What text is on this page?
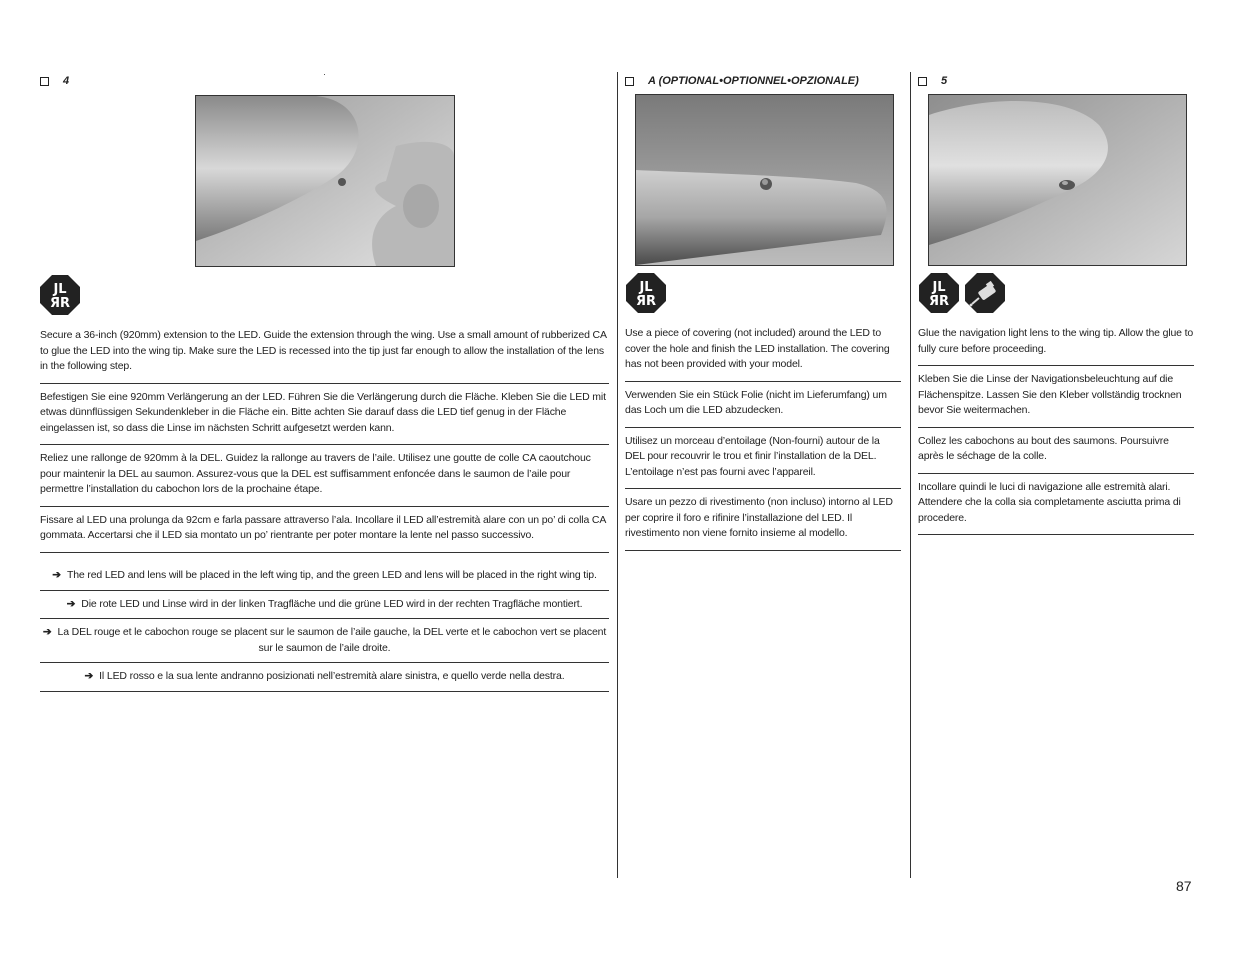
4
JL
ЯR
Secure a 36-inch (920mm) extension to the LED. Guide the extension through the wing. Use a small amount of rubberized CA to glue the LED into the wing tip. Make sure the LED is recessed into the tip just far enough to allow the installation of the lens in the following step.
Befestigen Sie eine 920mm Verlängerung an der LED. Führen Sie die Verlängerung durch die Fläche. Kleben Sie die LED mit etwas dünnflüssigen Sekundenkleber in die Fläche ein. Bitte achten Sie darauf dass die LED tief genug in der Fläche eingelassen ist, so dass die Linse im nächsten Schritt aufgesetzt werden kann.
Reliez une rallonge de 920mm à la DEL. Guidez la rallonge au travers de l’aile. Utilisez une goutte de colle CA caoutchouc pour maintenir la DEL au saumon. Assurez-vous que la DEL est suffisamment enfoncée dans le saumon de l’aile pour permettre l’installation du cabochon lors de la prochaine étape.
Fissare al LED una prolunga da 92cm e farla passare attraverso l’ala. Incollare il LED all’estremità alare con un po’ di colla CA gommata. Accertarsi che il LED sia montato un po’ rientrante per poter montare la lente nel passo successivo.
➔ The red LED and lens will be placed in the left wing tip, and the green LED and lens will be placed in the right wing tip.
➔ Die rote LED und Linse wird in der linken Tragfläche und die grüne LED wird in der rechten Tragfläche montiert.
➔ La DEL rouge et le cabochon rouge se placent sur le saumon de l’aile gauche, la DEL verte et le cabochon vert se placent sur le saumon de l’aile droite.
➔ Il LED rosso e la sua lente andranno posizionati nell’estremità alare sinistra, e quello verde nella destra.
A (OPTIONAL•OPTIONNEL•OPZIONALE)
JL
ЯR
Use a piece of covering (not included) around the LED to cover the hole and finish the LED installation. The covering has not been provided with your model.
Verwenden Sie ein Stück Folie (nicht im Lieferumfang) um das Loch um die LED abzudecken.
Utilisez un morceau d’entoilage (Non-fourni) autour de la DEL pour recouvrir le trou et finir l’installation de la DEL. L’entoilage n’est pas fourni avec l’appareil.
Usare un pezzo di rivestimento (non incluso) intorno al LED per coprire il foro e rifinire l’installazione del LED. Il rivestimento non viene fornito insieme al modello.
5
JL
ЯR
Glue the navigation light lens to the wing tip. Allow the glue to fully cure before proceeding.
Kleben Sie die Linse der Navigationsbeleuchtung auf die Flächenspitze. Lassen Sie den Kleber vollständig trocknen bevor Sie weitermachen.
Collez les cabochons au bout des saumons. Poursuivre après le séchage de la colle.
Incollare quindi le luci di navigazione alle estremità alari. Attendere che la colla sia completamente asciutta prima di procedere.
87
